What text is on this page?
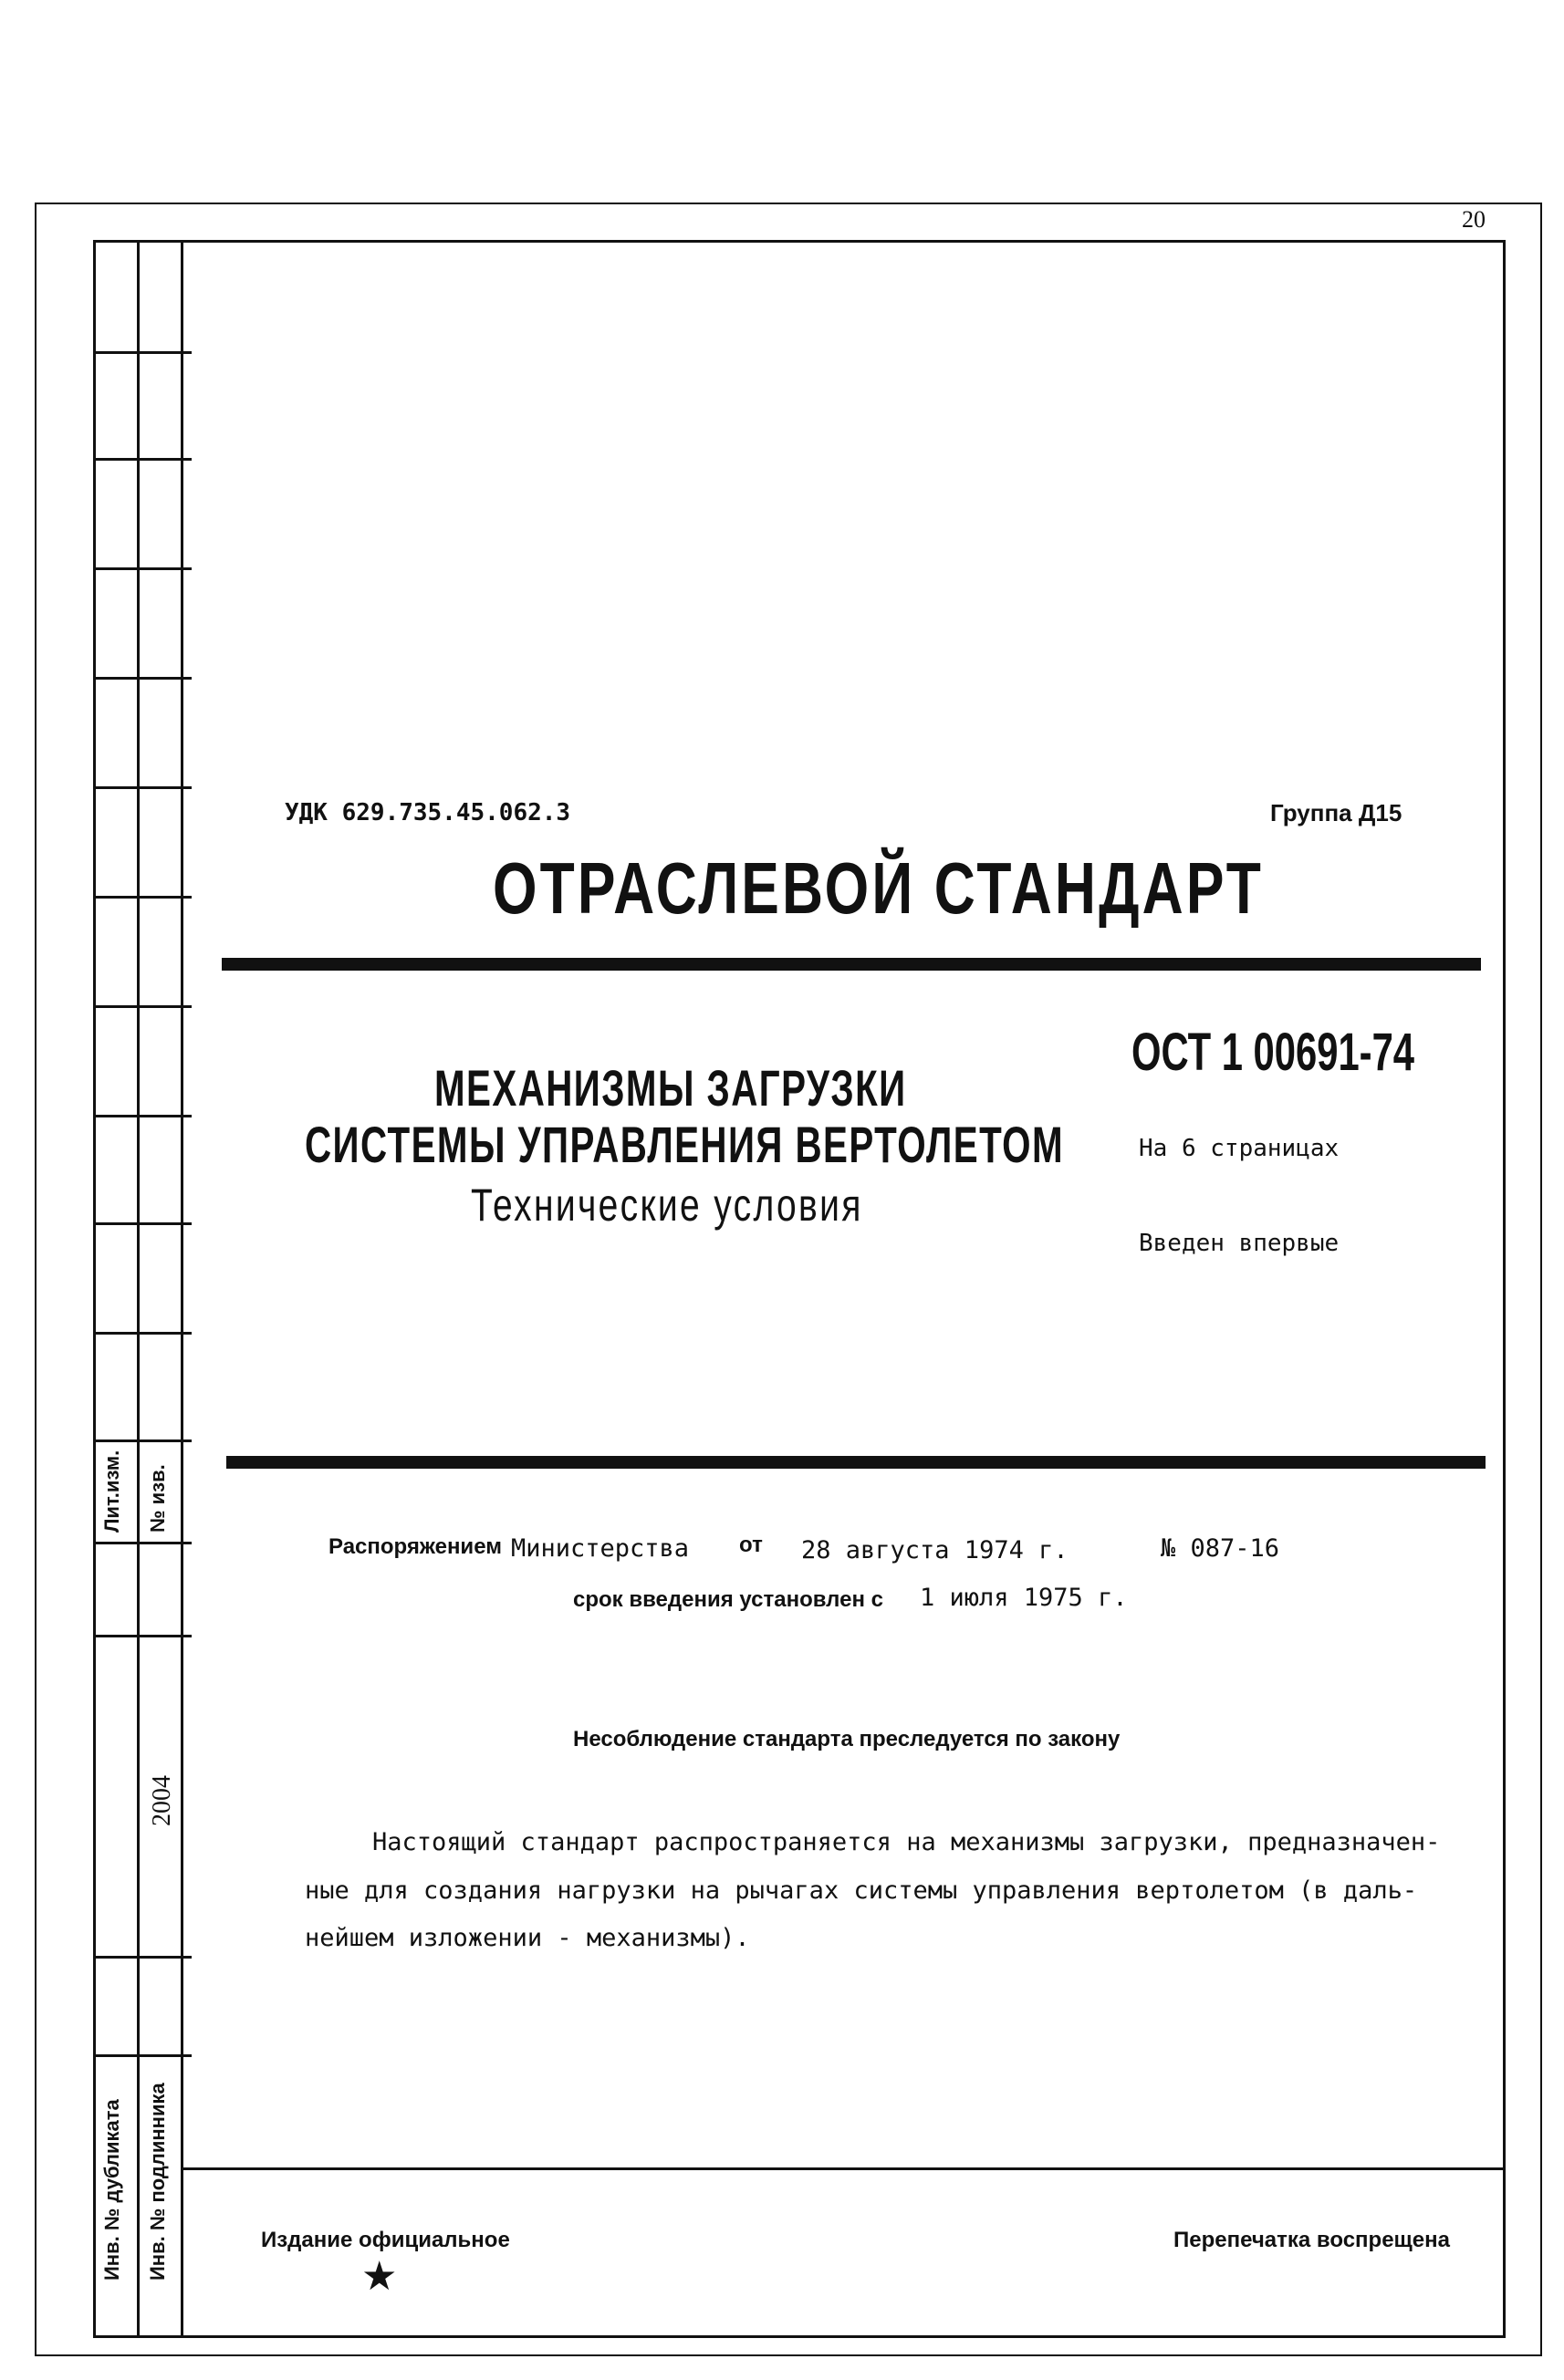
20
Лит.изм. № изв.
2004
Инв. № дубликата Инв. № подлинника
УДК 629.735.45.062.3	Группа Д15
ОТРАСЛЕВОЙ СТАНДАРТ
МЕХАНИЗМЫ ЗАГРУЗКИ
СИСТЕМЫ УПРАВЛЕНИЯ ВЕРТОЛЕТОМ
Технические условия
ОСТ 1 00691-74
На 6 страницах
Введен впервые
Распоряжением Министерства от 28 августа 1974 г.	№ 087-16
срок введения установлен с 1 июля 1975 г.
Несоблюдение стандарта преследуется по закону
Настоящий стандарт распространяется на механизмы загрузки, предназначен-
ные для создания нагрузки на рычагах системы управления вертолетом (в даль-
нейшем изложении - механизмы).
Издание официальное
★
Перепечатка воспрещена
